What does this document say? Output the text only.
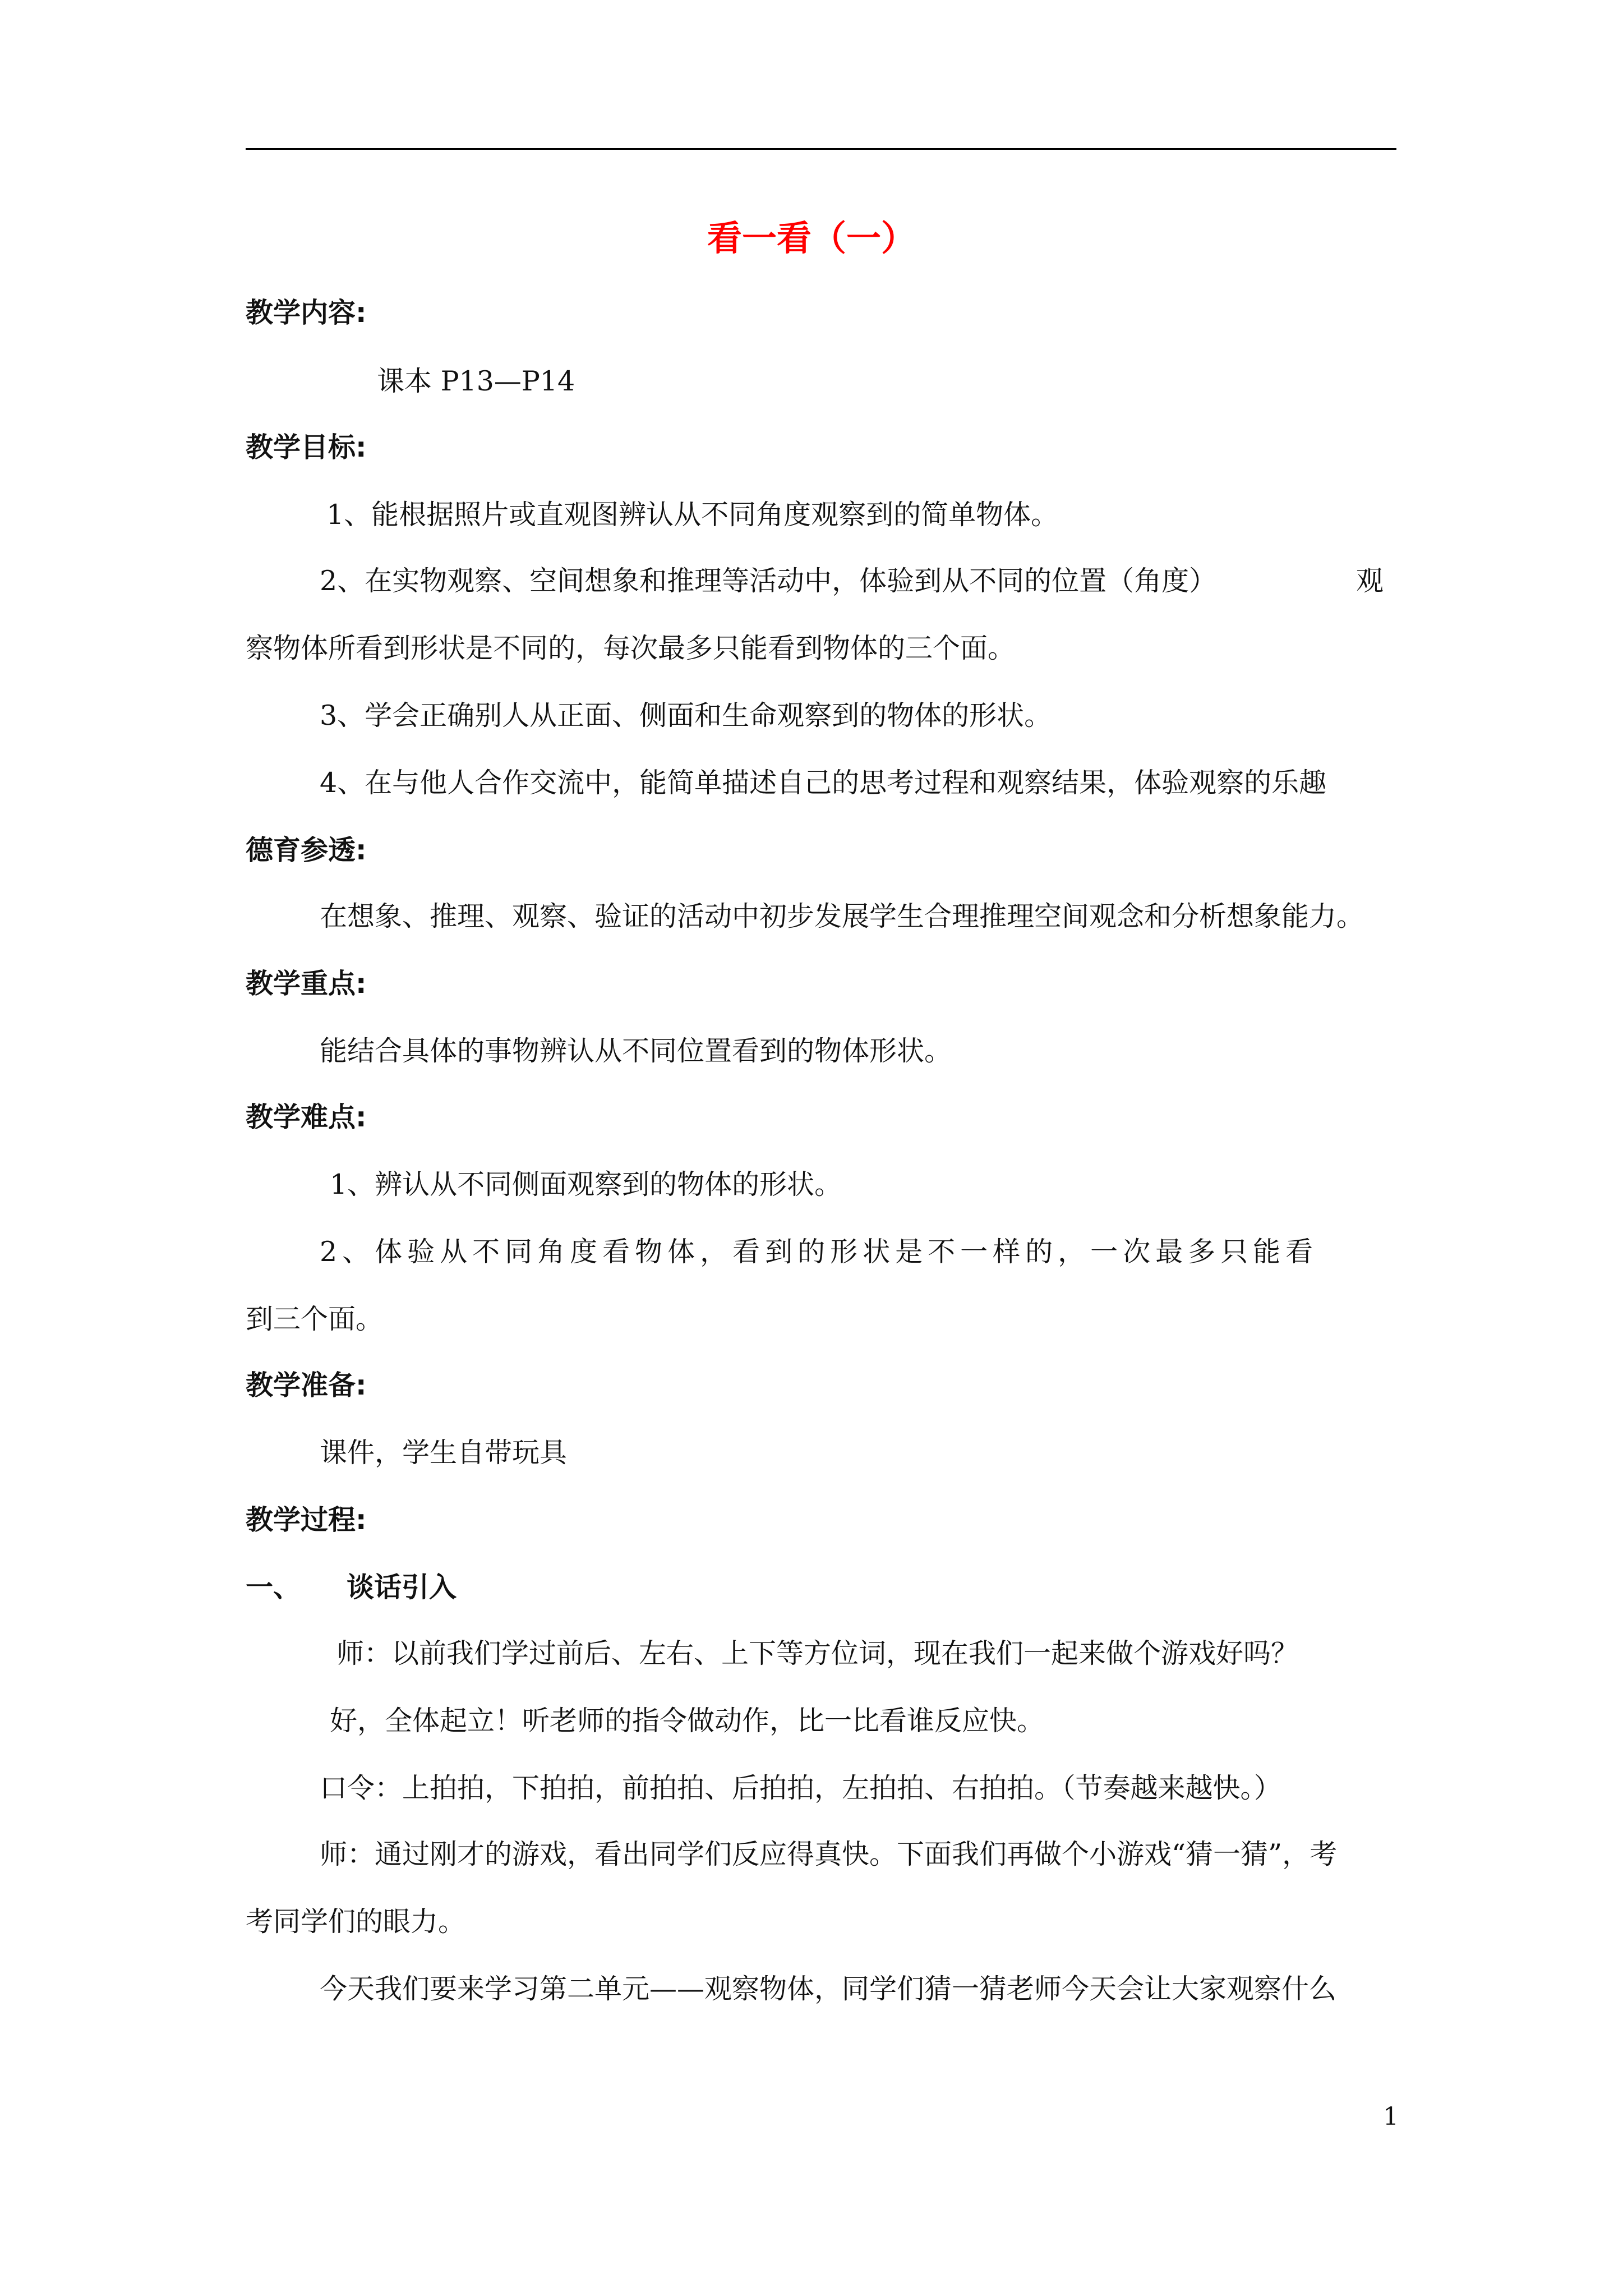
看一看（一）
教学内容:
课本 P13—P14
教学目标:
1、能根据照片或直观图辨认从不同角度观察到的简单物体。
2、在实物观察、空间想象和推理等活动中，体验到从不同的位置（角度）	观
察物体所看到形状是不同的，每次最多只能看到物体的三个面。
3、学会正确别人从正面、侧面和生命观察到的物体的形状。
4、在与他人合作交流中，能简单描述自己的思考过程和观察结果，体验观察的乐趣
德育参透:
在想象、推理、观察、验证的活动中初步发展学生合理推理空间观念和分析想象能力。
教学重点:
能结合具体的事物辨认从不同位置看到的物体形状。
教学难点:
1、辨认从不同侧面观察到的物体的形状。
2、体验从不同角度看物体，看到的形状是不一样的，一次最多只能看
到三个面。
教学准备:
课件，学生自带玩具
教学过程:
一、 谈话引入
师：以前我们学过前后、左右、上下等方位词，现在我们一起来做个游戏好吗？
好，全体起立！听老师的指令做动作，比一比看谁反应快。
口令：上拍拍，下拍拍，前拍拍、后拍拍，左拍拍、右拍拍。（节奏越来越快。）
师：通过刚才的游戏，看出同学们反应得真快。下面我们再做个小游戏“猜一猜”，考
考同学们的眼力。
今天我们要来学习第二单元——观察物体，同学们猜一猜老师今天会让大家观察什么
1
